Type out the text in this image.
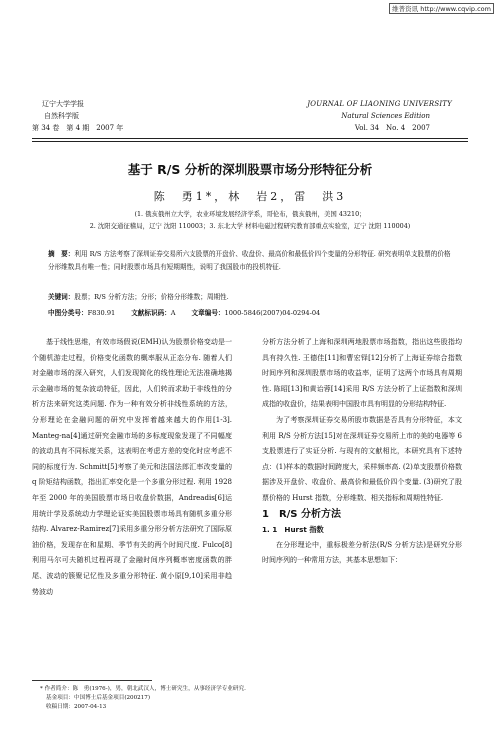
维普资讯 http://www.cqvip.com
辽宁大学学报
自然科学版
第 34 卷　第 4 期　2007 年
JOURNAL OF LIAONING UNIVERSITY
Natural Sciences Edition
Vol. 34　No. 4　2007
基于 R/S 分析的深圳股票市场分形特征分析
陈　勇1*，林　岩2，雷　洪3
(1. 俄亥俄州立大学，农业环境发展经济学系，哥伦布，俄亥俄州，美国 43210；
2. 沈阳交通征稽局，辽宁 沈阳 110003；3. 东北大学 材料电磁过程研究教育部重点实验室，辽宁 沈阳 110004)
摘　要：利用 R/S 方法考察了深圳证券交易所六支股票的开盘价、收盘价、最高价和最低价四个变量的分形特征. 研究表明单支股票的价格分形维数具有唯一性；同时股票市场具有短期期性，说明了我国股市的投机特征.
关键词：股票；R/S 分析方法；分形；价格分形维数；周期性.
中图分类号：F830.91 文献标识码：A 文章编号：1000-5846(2007)04-0294-04

基于线性思维，有效市场假说(EMH)认为股票价格变动是一个随机游走过程，价格变化函数的概率服从正态分布. 随着人们对金融市场的深入研究，人们发现简化的线性理论无法准确地揭示金融市场的复杂波动特征，因此，人们转而求助于非线性的分析方法来研究这类问题. 作为一种有效分析非线性系统的方法，分形理论在金融问题的研究中发挥着越来越大的作用[1-3]. Manteg-na[4]通过研究金融市场的多标度现象发现了不同幅度的波动具有不同标度关系，这表明在考虑方差的变化时应考虑不同的标度行为. Schmitt[5]考察了美元和法国法郎汇率改变量的 q 阶矩结构函数，指出汇率变化是一个多重分形过程. 利用 1928 年至 2000 年的美国股票市场日收盘价数据，Andreadis[6]运用统计学及系统动力学理论证实美国股票市场具有随机多重分形结构. Alvarez-Ramirez[7]采用多重分形分析方法研究了国际原油价格，发现存在和星期、季节有关的两个时间尺度. Fulco[8]利用马尔可夫随机过程再现了金融时间序列概率密度函数的胖尾、波动的簇聚记忆性及多重分形特征. 黄小原[9,10]采用非趋势波动

分析方法分析了上海和深圳两地股票市场指数，指出这些股指均具有持久性. 王德佳[11]和曹宏铎[12]分析了上海证券综合指数时间序列和深圳股票市场的收益率，证明了这两个市场具有周期性. 陈昭[13]和黄诒蓉[14]采用 R/S 方法分析了上证指数和深圳成指的收盘价，结果表明中国股市具有明显的分形结构特征.

为了考察深圳证券交易所股市数据是否具有分形特征，本文利用 R/S 分析方法[15]对在深圳证券交易所上市的美的电器等 6 支股票进行了实证分析. 与现有的文献相比，本研究具有下述特点：(1)样本的数据时间跨度大，采样频率高. (2)单支股票价格数据涉及开盘价、收盘价、最高价和最低价四个变量. (3)研究了股票价格的 Hurst 指数，分形维数、相关指标和周期性特征.

1　R/S 分析方法

1. 1　Hurst 指数

在分形理论中，重标极差分析法(R/S 分析方法)是研究分形时间序列的一种常用方法，其基本思想如下：

* 作者简介：陈　勇(1976-)，男，朝北武汉人，博士研究生，从事经济学专业研究.
基金项目：中国博士后基金项目(200217)
收稿日期：2007-04-13
